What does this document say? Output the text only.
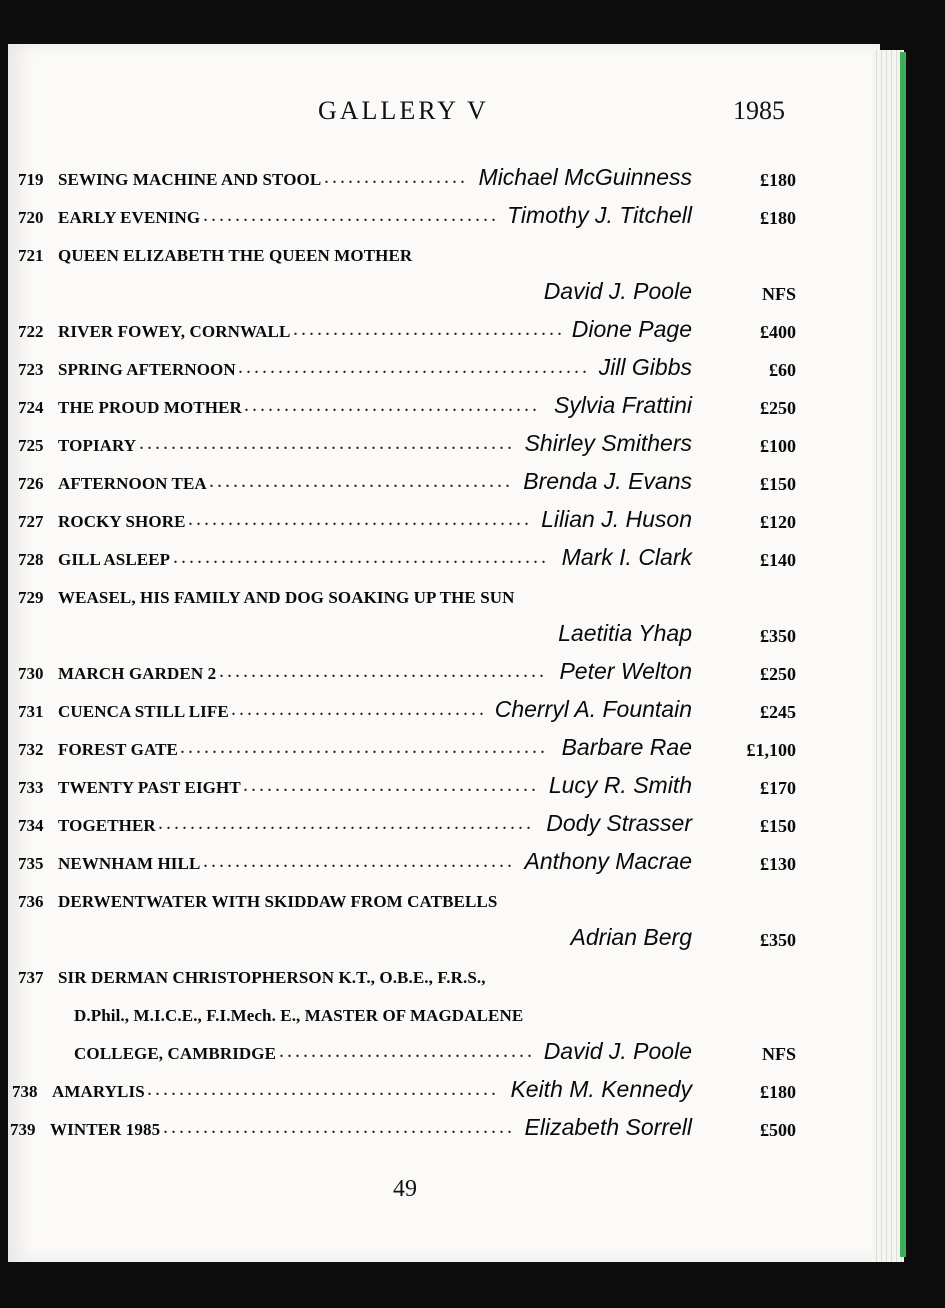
GALLERY V	1985
719 SEWING MACHINE AND STOOL	Michael McGuinness	£180
..................
720 EARLY EVENING	Timothy J. Titchell	£180
.....................................
721 QUEEN ELIZABETH THE QUEEN MOTHER
David J. Poole	NFS
722 RIVER FOWEY, CORNWALL	Dione Page	£400
..................................
723 SPRING AFTERNOON	Jill Gibbs	£60
............................................
724 THE PROUD MOTHER	Sylvia Frattini	£250
.....................................
725 TOPIARY	Shirley Smithers	£100
...............................................
726 AFTERNOON TEA	Brenda J. Evans	£150
......................................
727 ROCKY SHORE	Lilian J. Huson	£120
...........................................
728 GILL ASLEEP	Mark I. Clark	£140
...............................................
729 WEASEL, HIS FAMILY AND DOG SOAKING UP THE SUN
Laetitia Yhap	£350
730 MARCH GARDEN 2	Peter Welton	£250
.........................................
731 CUENCA STILL LIFE	Cherryl A. Fountain	£245
................................
732 FOREST GATE	Barbare Rae	£1,100
..............................................
733 TWENTY PAST EIGHT	Lucy R. Smith	£170
.....................................
734 TOGETHER	Dody Strasser	£150
...............................................
735 NEWNHAM HILL	Anthony Macrae	£130
.......................................
736 DERWENTWATER WITH SKIDDAW FROM CATBELLS
Adrian Berg	£350
737 SIR DERMAN CHRISTOPHERSON K.T., O.B.E., F.R.S.,
D.Phil., M.I.C.E., F.I.Mech. E., MASTER OF MAGDALENE
COLLEGE, CAMBRIDGE	David J. Poole	NFS
................................
738 AMARYLIS	Keith M. Kennedy	£180
............................................
739 WINTER 1985	Elizabeth Sorrell	£500
............................................
49
